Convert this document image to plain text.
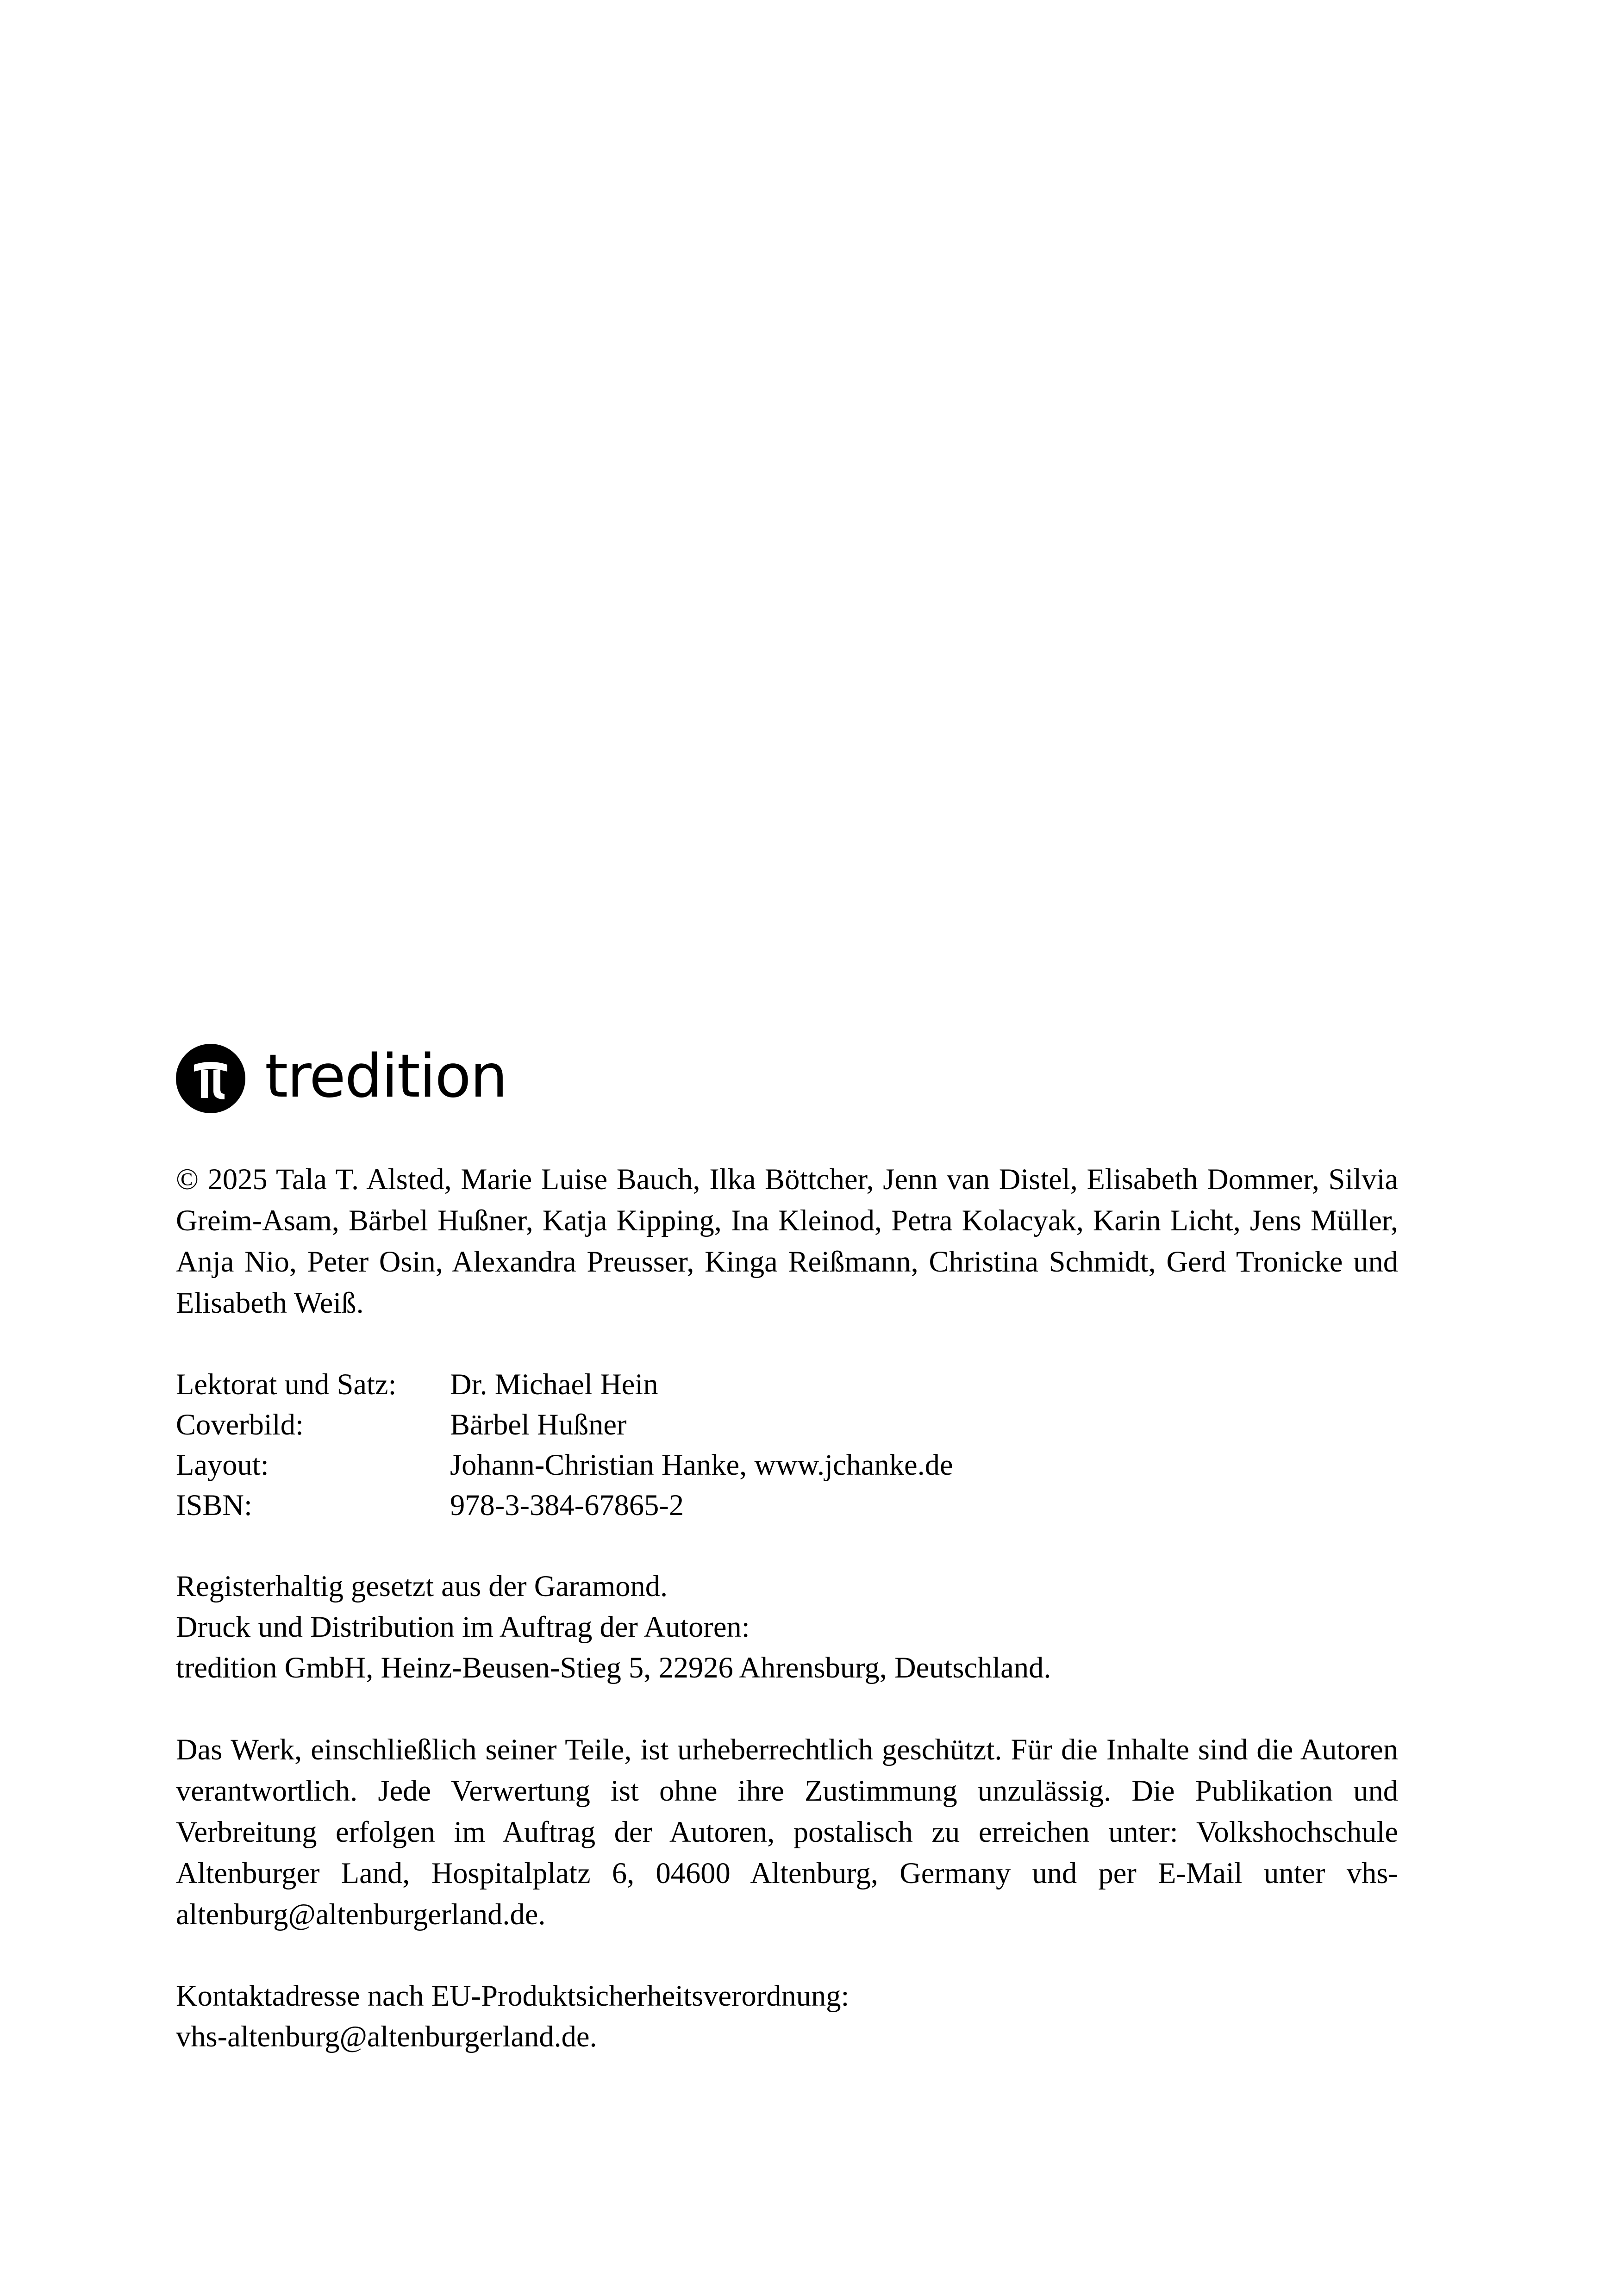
tredition

© 2025 Tala T. Alsted, Marie Luise Bauch, Ilka Böttcher, Jenn van Distel, Elisabeth Dommer, Silvia Greim-Asam, Bärbel Hußner, Katja Kipping, Ina Kleinod, Petra Kolacyak, Karin Licht, Jens Müller, Anja Nio, Peter Osin, Alexandra Preusser, Kinga Reißmann, Christina Schmidt, Gerd Tronicke und Elisabeth Weiß.

Lektorat und Satz:	Dr. Michael Hein
Coverbild:	Bärbel Hußner
Layout:	Johann-Christian Hanke, www.jchanke.de
ISBN:	978-3-384-67865-2
Registerhaltig gesetzt aus der Garamond.
Druck und Distribution im Auftrag der Autoren:
tredition GmbH, Heinz-Beusen-Stieg 5, 22926 Ahrensburg, Deutschland.

Das Werk, einschließlich seiner Teile, ist urheberrechtlich geschützt. Für die Inhalte sind die Autoren verantwortlich. Jede Verwertung ist ohne ihre Zustimmung unzulässig. Die Publikation und Verbreitung erfolgen im Auftrag der Autoren, postalisch zu erreichen unter: Volkshochschule Altenburger Land, Hospitalplatz 6, 04600 Altenburg, Germany und per E-Mail unter vhs-altenburg@altenburgerland.de.

Kontaktadresse nach EU-Produktsicherheitsverordnung:
vhs-altenburg@altenburgerland.de.
